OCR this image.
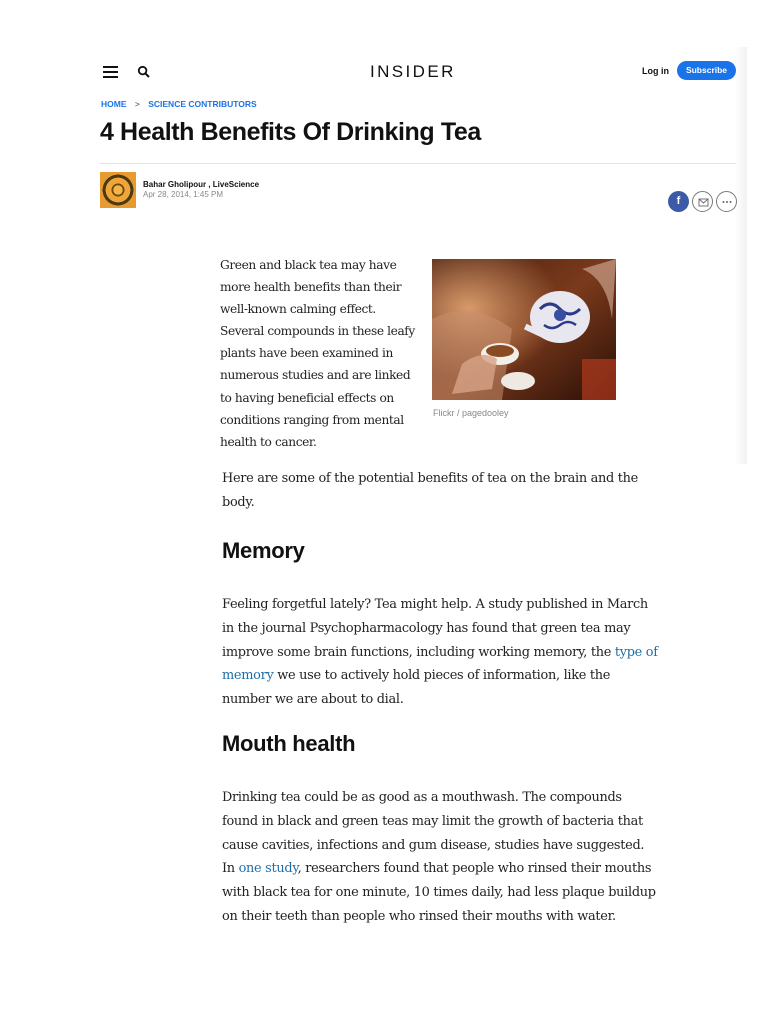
INSIDER	Log in	Subscribe
HOME > SCIENCE CONTRIBUTORS
4 Health Benefits Of Drinking Tea
Bahar Gholipour , LiveScience
Apr 28, 2014, 1:45 PM
f

Green and black tea may have more health benefits than their well-known calming effect. Several compounds in these leafy plants have been examined in numerous studies and are linked to having beneficial effects on conditions ranging from mental health to cancer.

Flickr / pagedooley

Here are some of the potential benefits of tea on the brain and the body.

Memory

Feeling forgetful lately? Tea might help. A study published in March in the journal Psychopharmacology has found that green tea may improve some brain functions, including working memory, the type of memory we use to actively hold pieces of information, like the number we are about to dial.

Mouth health

Drinking tea could be as good as a mouthwash. The compounds found in black and green teas may limit the growth of bacteria that cause cavities, infections and gum disease, studies have suggested. In one study, researchers found that people who rinsed their mouths with black tea for one minute, 10 times daily, had less plaque buildup on their teeth than people who rinsed their mouths with water.
